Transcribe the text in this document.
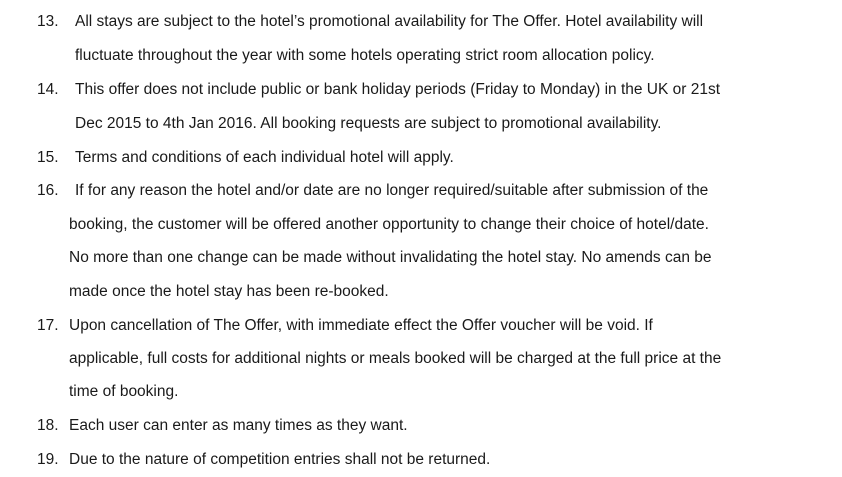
13.	All stays are subject to the hotel’s promotional availability for The Offer. Hotel availability will
fluctuate throughout the year with some hotels operating strict room allocation policy.
14.	This offer does not include public or bank holiday periods (Friday to Monday) in the UK or 21st
Dec 2015 to 4th Jan 2016. All booking requests are subject to promotional availability.
15.	Terms and conditions of each individual hotel will apply.
16.	If for any reason the hotel and/or date are no longer required/suitable after submission of the
booking, the customer will be offered another opportunity to change their choice of hotel/date.
No more than one change can be made without invalidating the hotel stay. No amends can be
made once the hotel stay has been re-booked.
17. Upon cancellation of The Offer, with immediate effect the Offer voucher will be void. If
applicable, full costs for additional nights or meals booked will be charged at the full price at the
time of booking.
18. Each user can enter as many times as they want.
19. Due to the nature of competition entries shall not be returned.
